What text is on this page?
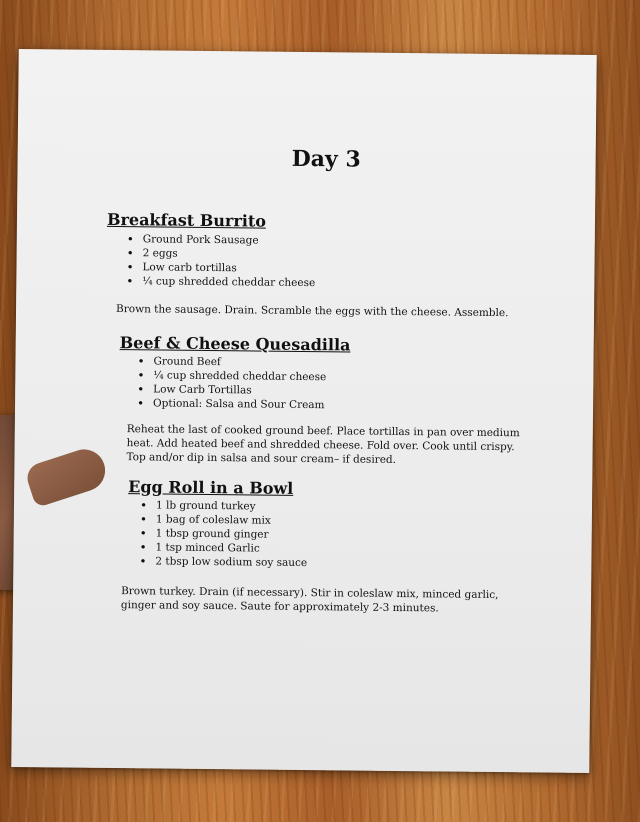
Day 3
Breakfast Burrito
• Ground Pork Sausage
• 2 eggs
• Low carb tortillas
• ¼ cup shredded cheddar cheese

Brown the sausage. Drain. Scramble the eggs with the cheese. Assemble.

Beef & Cheese Quesadilla
• Ground Beef
• ¼ cup shredded cheddar cheese
• Low Carb Tortillas
• Optional: Salsa and Sour Cream

Reheat the last of cooked ground beef. Place tortillas in pan over medium heat. Add heated beef and shredded cheese. Fold over. Cook until crispy. Top and/or dip in salsa and sour cream– if desired.

Egg Roll in a Bowl
• 1 lb ground turkey
• 1 bag of coleslaw mix
• 1 tbsp ground ginger
• 1 tsp minced Garlic
• 2 tbsp low sodium soy sauce

Brown turkey. Drain (if necessary). Stir in coleslaw mix, minced garlic, ginger and soy sauce. Saute for approximately 2-3 minutes.
